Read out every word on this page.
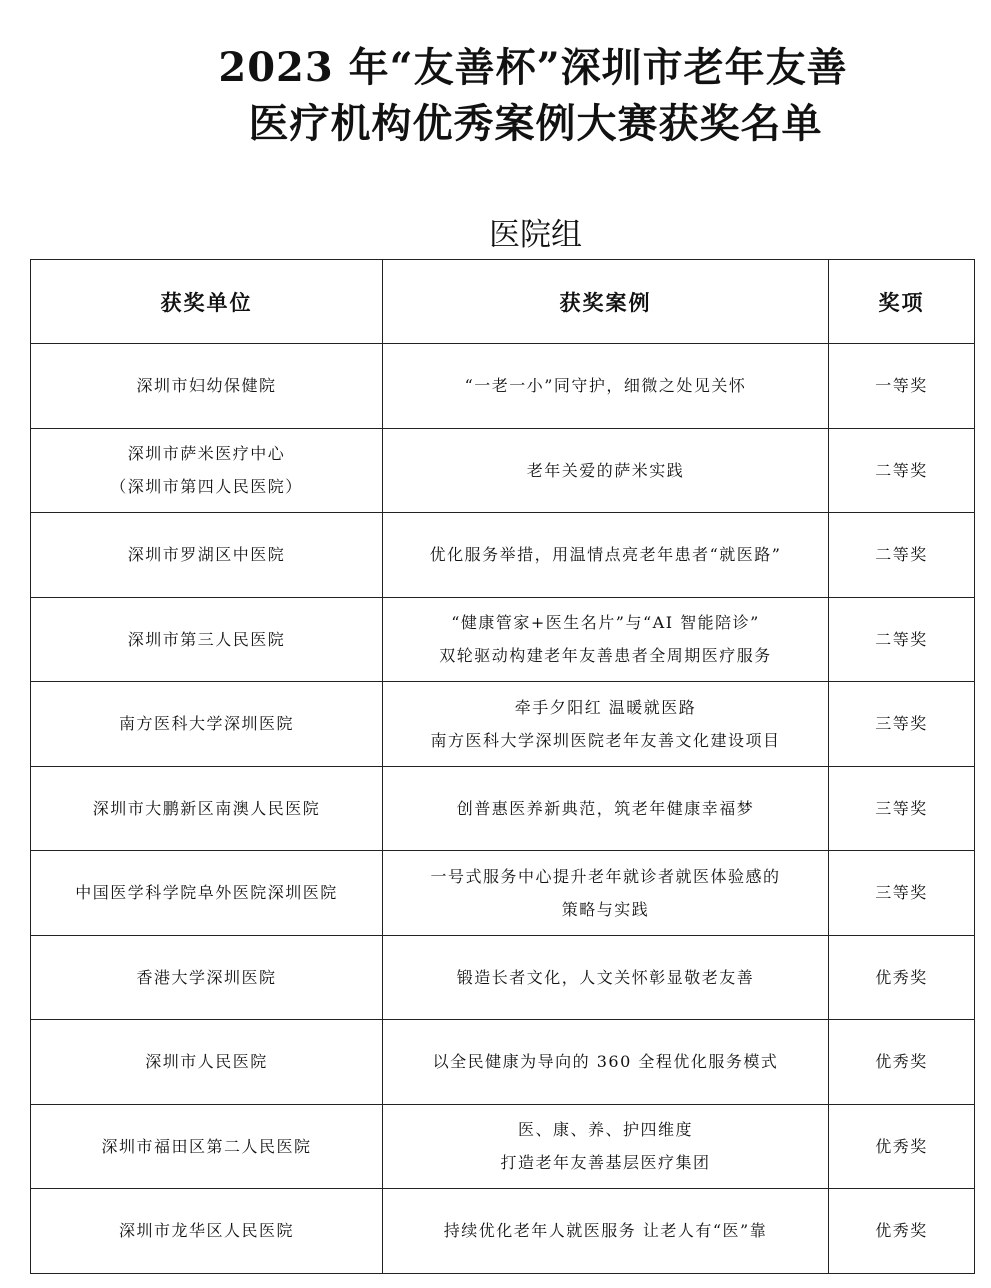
2023 年“友善杯”深圳市老年友善
医疗机构优秀案例大赛获奖名单
医院组
获奖单位	获奖案例	奖项

深圳市妇幼保健院	“一老一小”同守护，细微之处见关怀	一等奖

深圳市萨米医疗中心
（深圳市第四人民医院）	老年关爱的萨米实践	二等奖

深圳市罗湖区中医院	优化服务举措，用温情点亮老年患者“就医路”	二等奖

深圳市第三人民医院	“健康管家+医生名片”与“AI 智能陪诊”
双轮驱动构建老年友善患者全周期医疗服务	二等奖

南方医科大学深圳医院	牵手夕阳红 温暖就医路
南方医科大学深圳医院老年友善文化建设项目	三等奖

深圳市大鹏新区南澳人民医院	创普惠医养新典范，筑老年健康幸福梦	三等奖

中国医学科学院阜外医院深圳医院	一号式服务中心提升老年就诊者就医体验感的
策略与实践	三等奖

香港大学深圳医院	锻造长者文化，人文关怀彰显敬老友善	优秀奖

深圳市人民医院	以全民健康为导向的 360 全程优化服务模式	优秀奖

深圳市福田区第二人民医院	医、康、养、护四维度
打造老年友善基层医疗集团	优秀奖

深圳市龙华区人民医院	持续优化老年人就医服务 让老人有“医”靠	优秀奖
